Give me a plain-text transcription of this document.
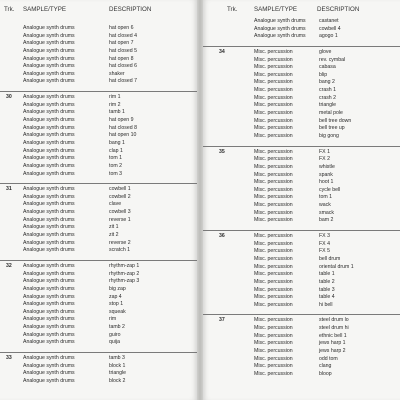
Trk. SAMPLE/TYPE	DESCRIPTION
Analogue synth drums	hat open 6
Analogue synth drums	hat closed 4
Analogue synth drums	hat open 7
Analogue synth drums	hat closed 5
Analogue synth drums	hat open 8
Analogue synth drums	hat closed 6
Analogue synth drums	shaker
Analogue synth drums	hat closed 7
30 Analogue synth drums	rim 1
Analogue synth drums	rim 2
Analogue synth drums	tamb 1
Analogue synth drums	hat open 9
Analogue synth drums	hat closed 8
Analogue synth drums	hat open 10
Analogue synth drums	bang 1
Analogue synth drums	clap 1
Analogue synth drums	tom 1
Analogue synth drums	tom 2
Analogue synth drums	tom 3
31 Analogue synth drums	cowbell 1
Analogue synth drums	cowbell 2
Analogue synth drums	clave
Analogue synth drums	cowbell 3
Analogue synth drums	reverse 1
Analogue synth drums	zit 1
Analogue synth drums	zit 2
Analogue synth drums	reverse 2
Analogue synth drums	scratch 1
32 Analogue synth drums	rhythm-zap 1
Analogue synth drums	rhythm-zap 2
Analogue synth drums	rhythm-zap 3
Analogue synth drums	big zap
Analogue synth drums	zap 4
Analogue synth drums	stop 1
Analogue synth drums	squeak
Analogue synth drums	rim
Analogue synth drums	tamb 2
Analogue synth drums	guiro
Analogue synth drums	quija
33 Analogue synth drums	tamb 3
Analogue synth drums	block 1
Analogue synth drums	triangle
Analogue synth drums	block 2
Trk.	SAMPLE/TYPE	DESCRIPTION
Analogue synth drums	castanet
Analogue synth drums	cowbell 4
Analogue synth drums	agogo 1
34	Misc. percussion	glove
Misc. percussion	rev. cymbal
Misc. percussion	cabasa
Misc. percussion	blip
Misc. percussion	bang 2
Misc. percussion	crash 1
Misc. percussion	crash 2
Misc. percussion	triangle
Misc. percussion	metal pole
Misc. percussion	bell tree down
Misc. percussion	bell tree up
Misc. percussion	big gong
35	Misc. percussion	FX 1
Misc. percussion	FX 2
Misc. percussion	whistle
Misc. percussion	spank
Misc. percussion	hoot 1
Misc. percussion	cycle bell
Misc. percussion	tom 1
Misc. percussion	wack
Misc. percussion	smack
Misc. percussion	bam 2
36	Misc. percussion	FX 3
Misc. percussion	FX 4
Misc. percussion	FX 5
Misc. percussion	bell drum
Misc. percussion	oriental drum 1
Misc. percussion	table 1
Misc. percussion	table 2
Misc. percussion	table 3
Misc. percussion	table 4
Misc. percussion	hi bell
37	Misc. percussion	steel drum lo
Misc. percussion	steel drum hi
Misc. percussion	ethnic bell 1
Misc. percussion	jews harp 1
Misc. percussion	jews harp 2
Misc. percussion	odd tom
Misc. percussion	clang
Misc. percussion	bloop
